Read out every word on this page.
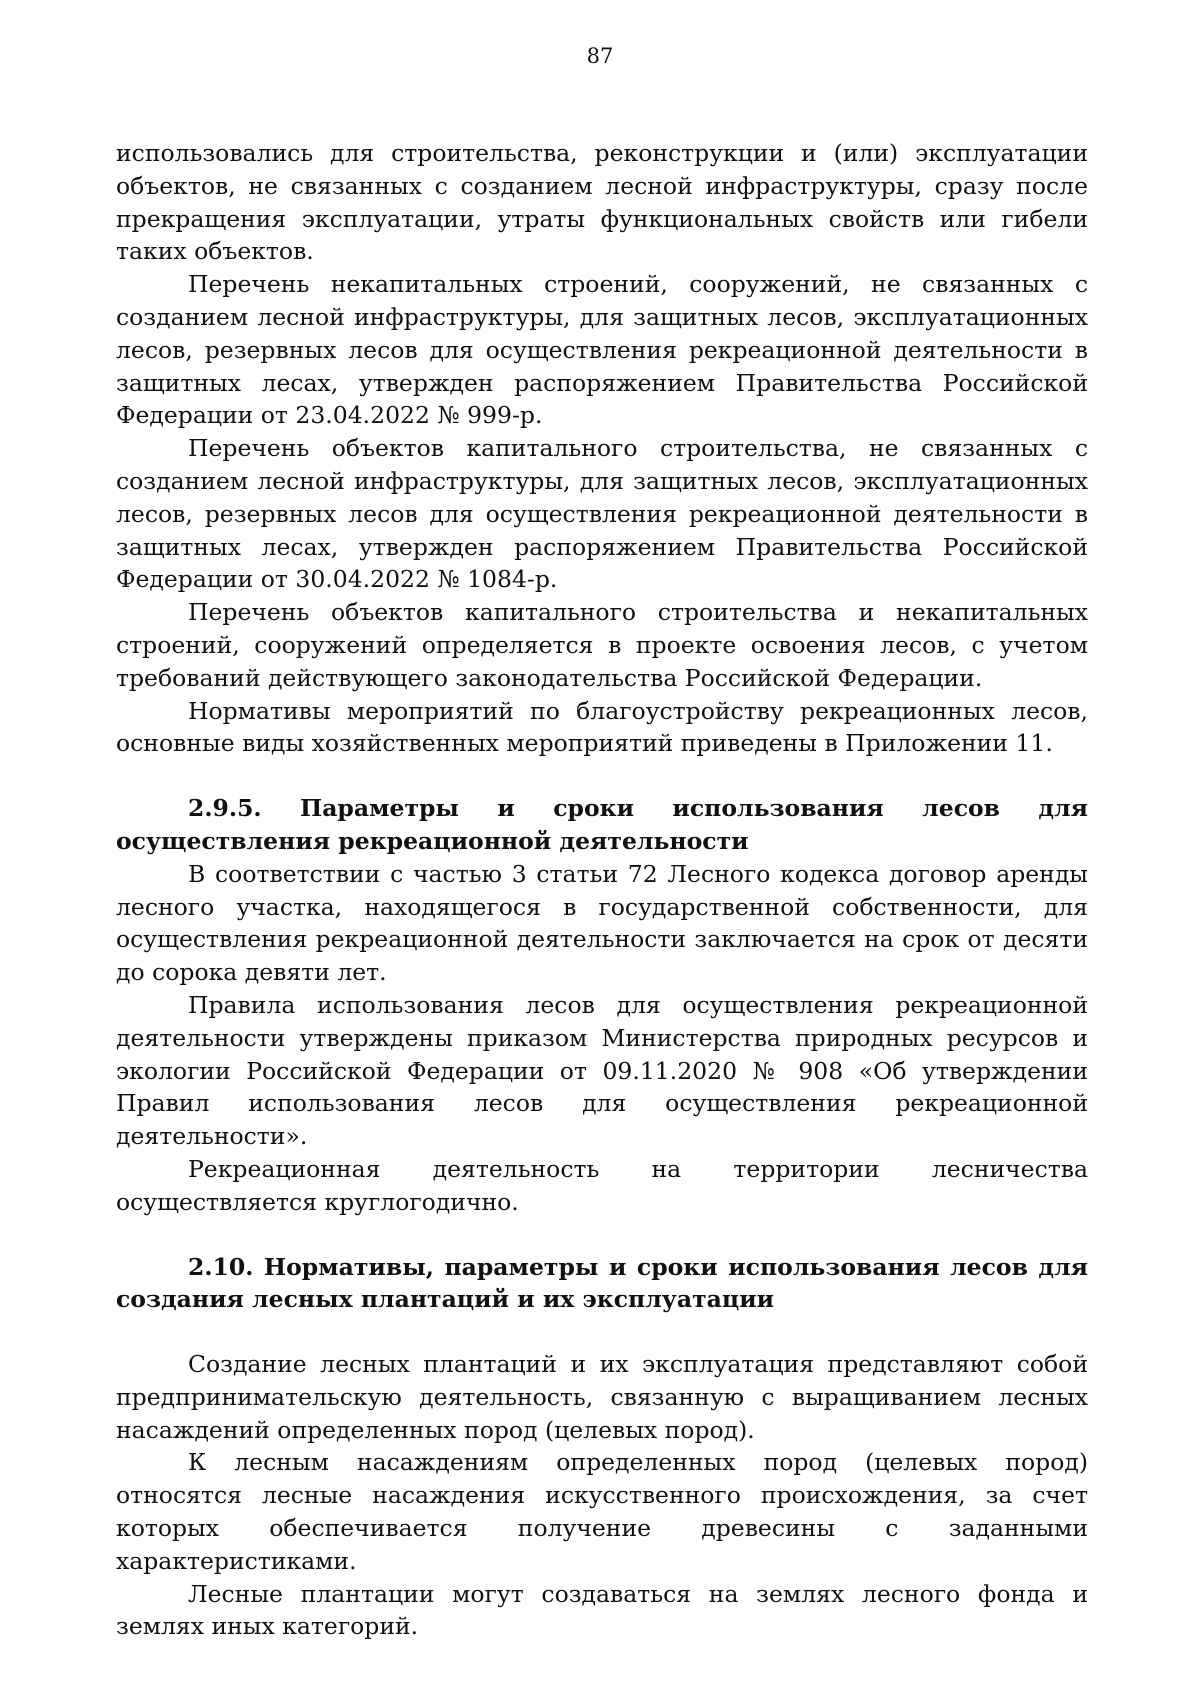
87

использовались для строительства, реконструкции и (или) эксплуатации объектов, не связанных с созданием лесной инфраструктуры, сразу после прекращения эксплуатации, утраты функциональных свойств или гибели таких объектов.

Перечень некапитальных строений, сооружений, не связанных с созданием лесной инфраструктуры, для защитных лесов, эксплуатационных лесов, резервных лесов для осуществления рекреационной деятельности в защитных лесах, утвержден распоряжением Правительства Российской Федерации от 23.04.2022 № 999-р.

Перечень объектов капитального строительства, не связанных с созданием лесной инфраструктуры, для защитных лесов, эксплуатационных лесов, резервных лесов для осуществления рекреационной деятельности в защитных лесах, утвержден распоряжением Правительства Российской Федерации от 30.04.2022 № 1084-р.

Перечень объектов капитального строительства и некапитальных строений, сооружений определяется в проекте освоения лесов, с учетом требований действующего законодательства Российской Федерации.

Нормативы мероприятий по благоустройству рекреационных лесов, основные виды хозяйственных мероприятий приведены в Приложении 11.

2.9.5. Параметры и сроки использования лесов для осуществления рекреационной деятельности

В соответствии с частью 3 статьи 72 Лесного кодекса договор аренды лесного участка, находящегося в государственной собственности, для осуществления рекреационной деятельности заключается на срок от десяти до сорока девяти лет.

Правила использования лесов для осуществления рекреационной деятельности утверждены приказом Министерства природных ресурсов и экологии Российской Федерации от 09.11.2020 № 908 «Об утверждении Правил использования лесов для осуществления рекреационной деятельности».

Рекреационная деятельность на территории лесничества осуществляется круглогодично.

2.10. Нормативы, параметры и сроки использования лесов для создания лесных плантаций и их эксплуатации

Создание лесных плантаций и их эксплуатация представляют собой предпринимательскую деятельность, связанную с выращиванием лесных насаждений определенных пород (целевых пород).

К лесным насаждениям определенных пород (целевых пород) относятся лесные насаждения искусственного происхождения, за счет которых обеспечивается получение древесины с заданными характеристиками.

Лесные плантации могут создаваться на землях лесного фонда и землях иных категорий.
